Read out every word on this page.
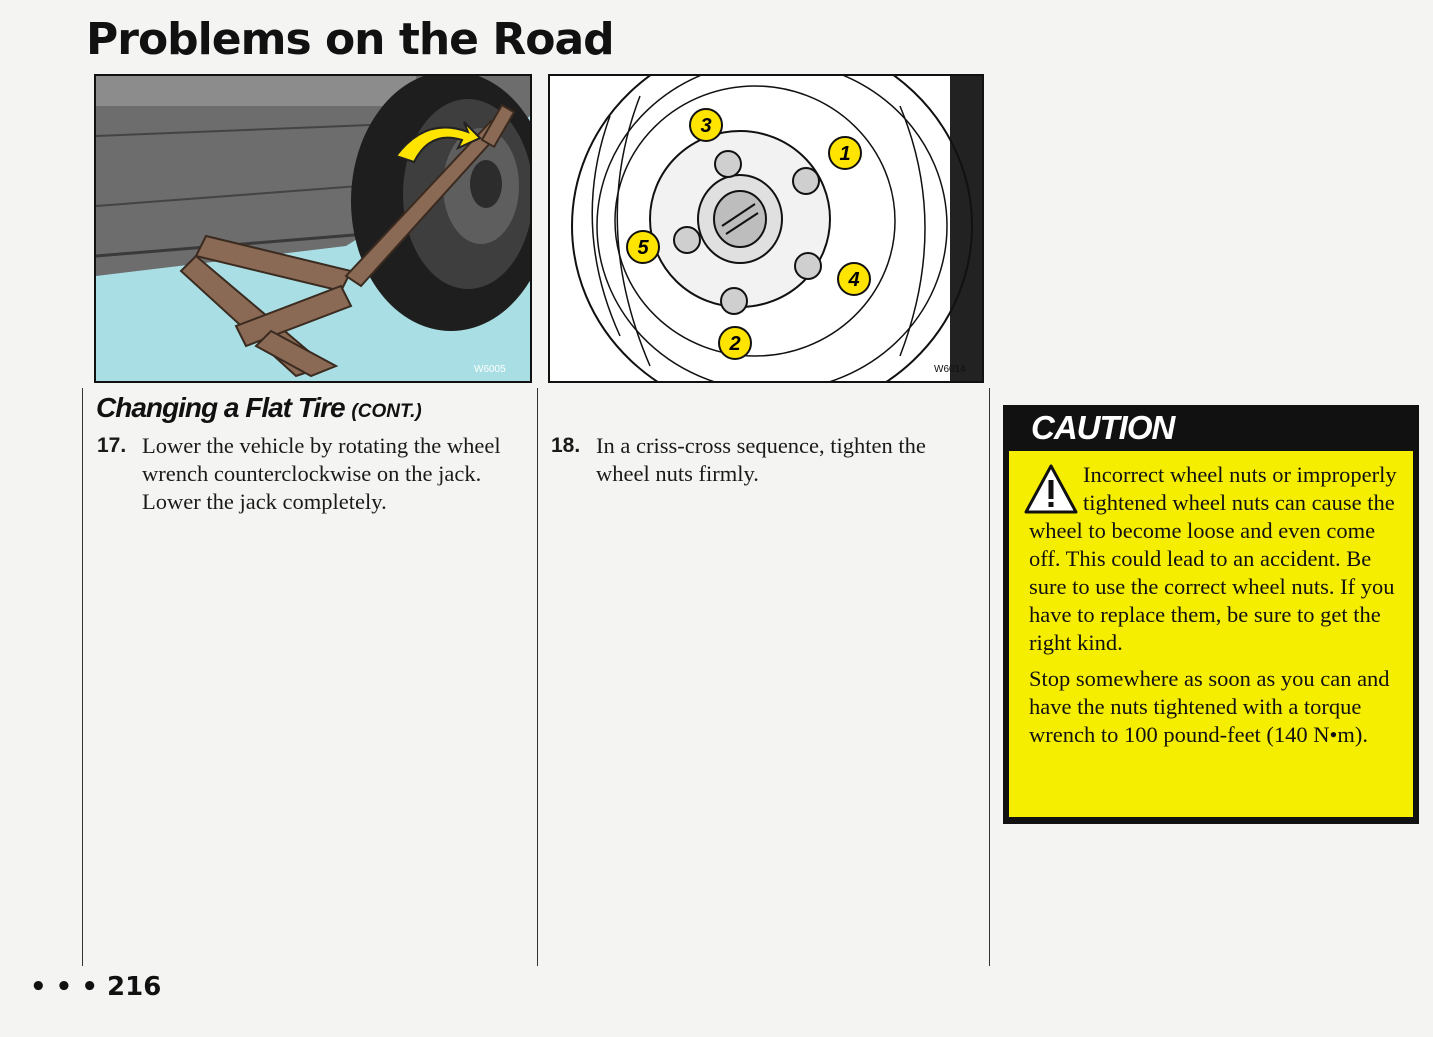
Problems on the Road
W6005
1
2
3
4
5
W6014
Changing a Flat Tire (CONT.)
17. Lower the vehicle by rotating the wheel wrench counterclockwise on the jack. Lower the jack completely.
18. In a criss-cross sequence, tighten the wheel nuts firmly.
CAUTION

Incorrect wheel nuts or improperly tightened wheel nuts can cause the wheel to become loose and even come off. This could lead to an accident. Be sure to use the correct wheel nuts. If you have to replace them, be sure to get the right kind.

Stop somewhere as soon as you can and have the nuts tightened with a torque wrench to 100 pound-feet (140 N•m).

• • • 216
